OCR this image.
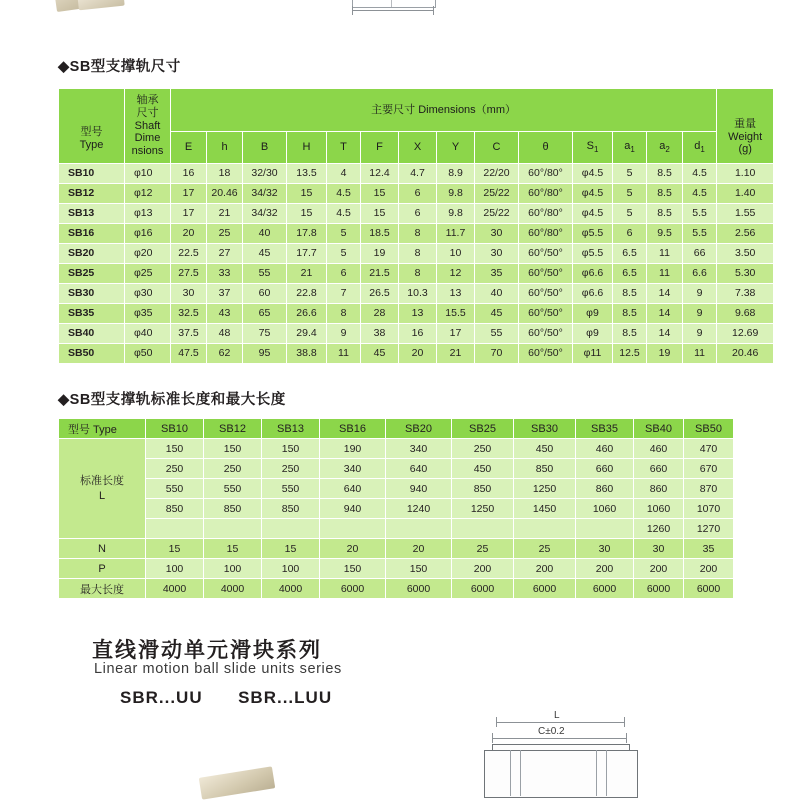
◆SB型支撑轨尺寸
型号
Type	轴承
尺寸
Shaft
Dime
nsions	主要尺寸 Dimensions（mm）														重量
Weight
(g)
		E	h	B	H	T	F	X	Y	C	θ	$S_1$	$a_1$	$a_2$	$d_1$
SB10	φ10	16	18	32/30	13.5	4	12.4	4.7	8.9	22/20	60°/80°	φ4.5	5	8.5	4.5	1.10
SB12	φ12	17	20.46	34/32	15	4.5	15	6	9.8	25/22	60°/80°	φ4.5	5	8.5	4.5	1.40
SB13	φ13	17	21	34/32	15	4.5	15	6	9.8	25/22	60°/80°	φ4.5	5	8.5	5.5	1.55
SB16	φ16	20	25	40	17.8	5	18.5	8	11.7	30	60°/80°	φ5.5	6	9.5	5.5	2.56
SB20	φ20	22.5	27	45	17.7	5	19	8	10	30	60°/50°	φ5.5	6.5	11	66	3.50
SB25	φ25	27.5	33	55	21	6	21.5	8	12	35	60°/50°	φ6.6	6.5	11	6.6	5.30
SB30	φ30	30	37	60	22.8	7	26.5	10.3	13	40	60°/50°	φ6.6	8.5	14	9	7.38
SB35	φ35	32.5	43	65	26.6	8	28	13	15.5	45	60°/50°	φ9	8.5	14	9	9.68
SB40	φ40	37.5	48	75	29.4	9	38	16	17	55	60°/50°	φ9	8.5	14	9	12.69
SB50	φ50	47.5	62	95	38.8	11	45	20	21	70	60°/50°	φ11	12.5	19	11	20.46
◆SB型支撑轨标准长度和最大长度
型号 Type	SB10	SB12	SB13	SB16	SB20	SB25	SB30	SB35	SB40	SB50

标准长度
L	150	150	150	190	340	250	450	460	460	470
	250	250	250	340	640	450	850	660	660	670
	550	550	550	640	940	850	1250	860	860	870
	850	850	850	940	1240	1250	1450	1060	1060	1070
									1260	1270
N	15	15	15	20	20	25	25	30	30	35
P	100	100	100	150	150	200	200	200	200	200
最大长度	4000	4000	4000	6000	6000	6000	6000	6000	6000	6000
直线滑动单元滑块系列
Linear motion ball slide units series
SBR...UU SBR...LUU
L
C±0.2
